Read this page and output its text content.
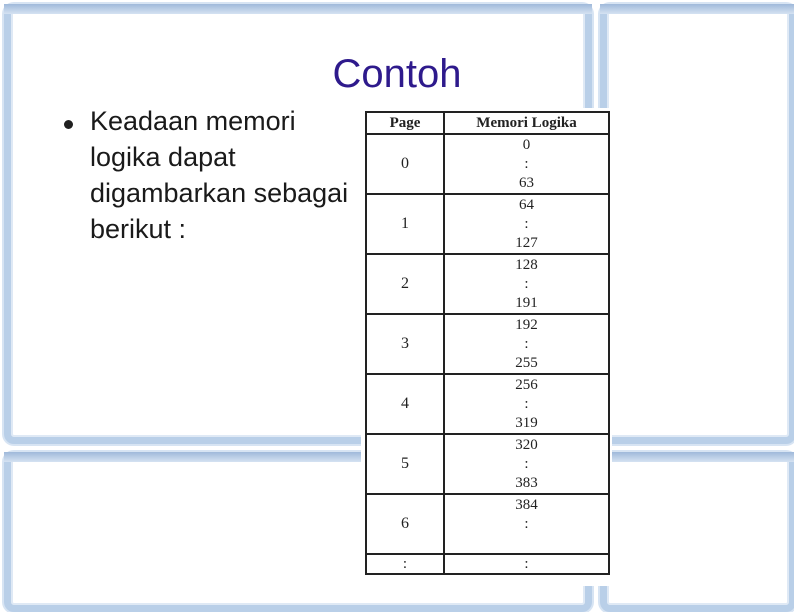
Contoh
Keadaan memori logika dapat digambarkan sebagai berikut :
Page	Memori Logika
0	0
:
63

1	64
:
127

2	128
:
191

3	192
:
255

4	256
:
319

5	320
:
383

6	384
:

:	:
